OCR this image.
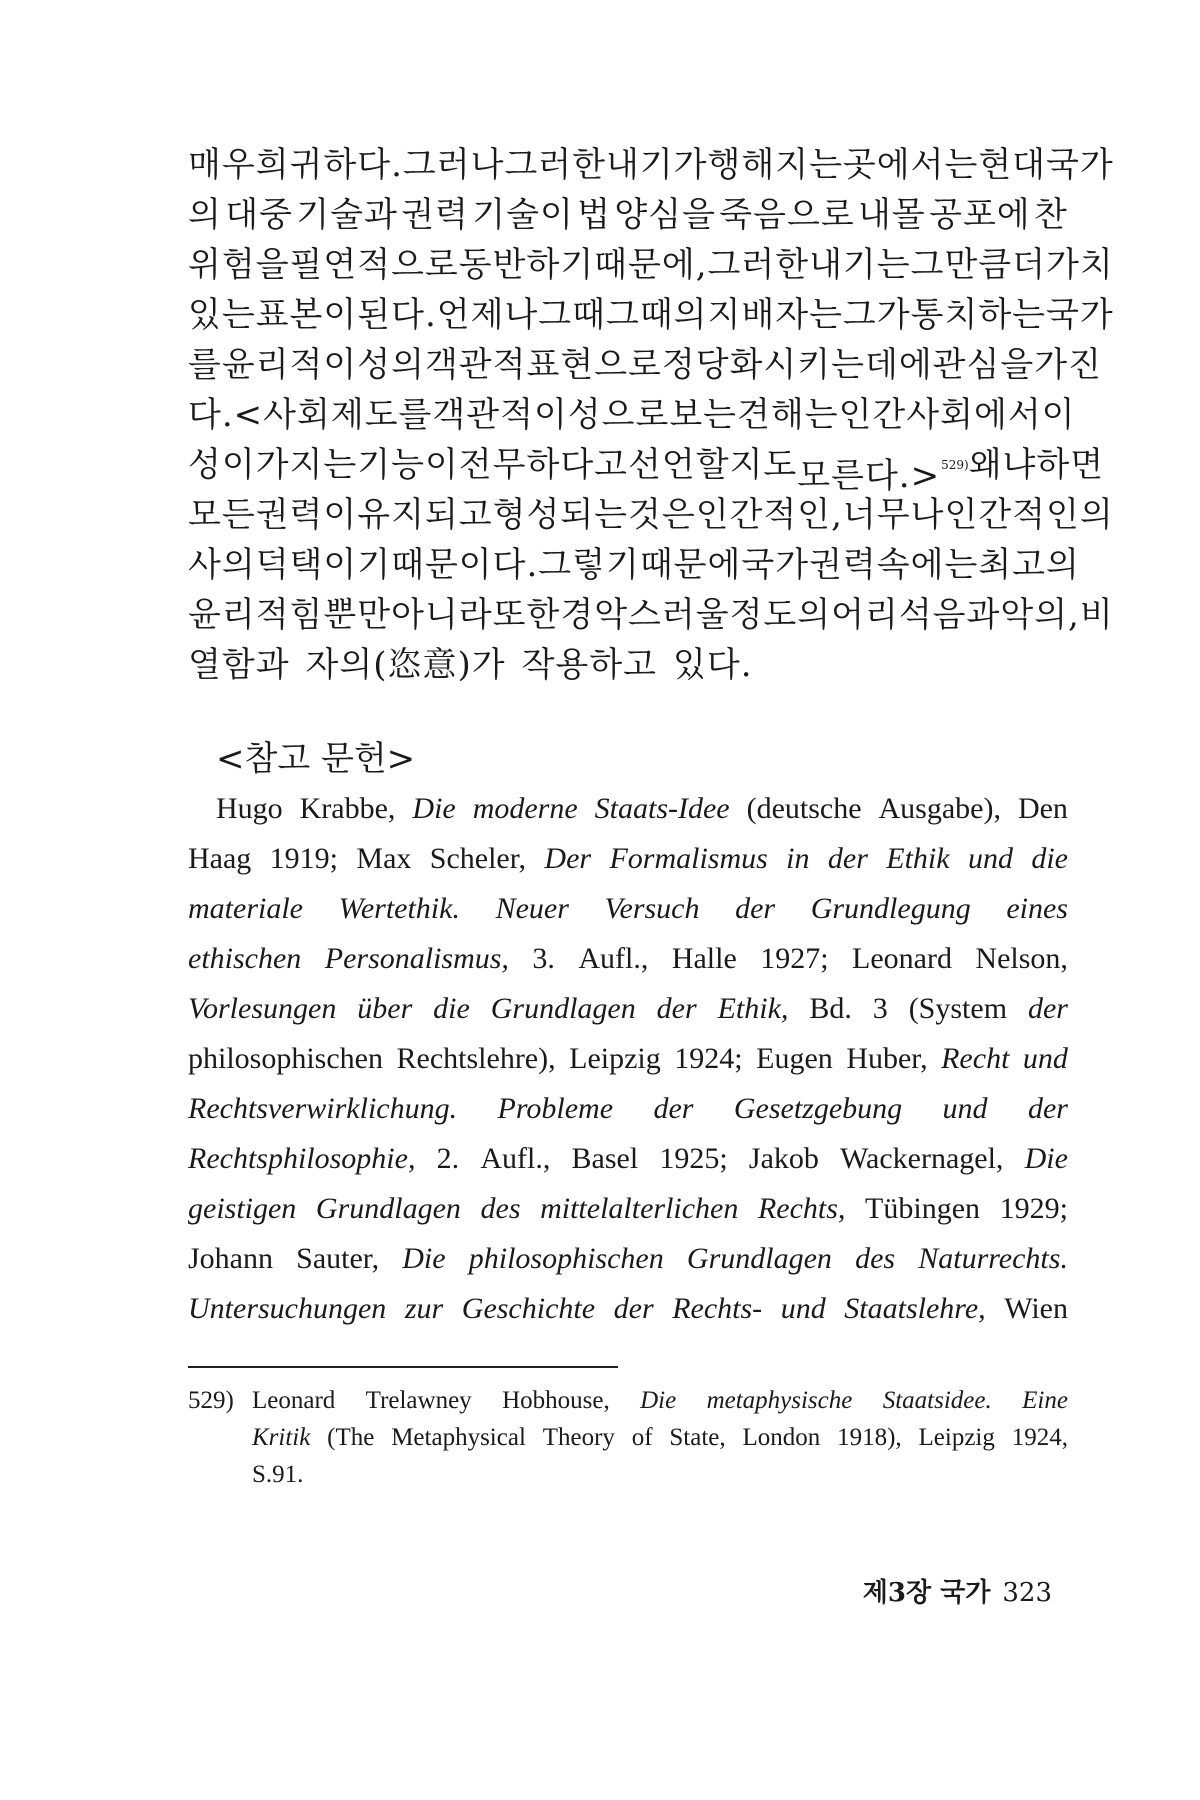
매우 희귀하다. 그러나 그러한 내기가 행해지는 곳에서는 현대 국가
의 대중 기술과 권력 기술이 법 양심을 죽음으로 내몰 공포에 찬
위험을 필연적으로 동반하기 때문에, 그러한 내기는 그만큼 더 가치
있는 표본이 된다. 언제나 그때그때의 지배자는 그가 통치하는 국가
를 윤리적 이성의 객관적 표현으로 정당화시키는 데에 관심을 가진
다. <사회 제도를 객관적 이성으로 보는 견해는 인간 사회에서 이
성이 가지는 기능이 전무하다고 선언할지도 모른다.>$^{529)}$ 왜냐하면
모든 권력이 유지되고 형성되는 것은 인간적인, 너무나 인간적인 의
사의 덕택이기 때문이다. 그렇기 때문에 국가 권력 속에는 최고의
윤리적 힘뿐만 아니라 또한 경악스러울 정도의 어리석음과 악의, 비
열함과 자의(恣意)가 작용하고 있다.
<참고 문헌>
Hugo Krabbe, Die moderne Staats-Idee (deutsche Ausgabe), Den
Haag 1919; Max Scheler, Der Formalismus in der Ethik und die
materiale Wertethik. Neuer Versuch der Grundlegung eines
ethischen Personalismus, 3. Aufl., Halle 1927; Leonard Nelson,
Vorlesungen über die Grundlagen der Ethik, Bd. 3 (System der
philosophischen Rechtslehre), Leipzig 1924; Eugen Huber, Recht und
Rechtsverwirklichung. Probleme der Gesetzgebung und der
Rechtsphilosophie, 2. Aufl., Basel 1925; Jakob Wackernagel, Die
geistigen Grundlagen des mittelalterlichen Rechts, Tübingen 1929;
Johann Sauter, Die philosophischen Grundlagen des Naturrechts.
Untersuchungen zur Geschichte der Rechts- und Staatslehre, Wien
529) Leonard Trelawney Hobhouse, Die metaphysische Staatsidee. Eine
Kritik (The Metaphysical Theory of State, London 1918), Leipzig 1924,
S. 91.
제3장 국가 323
